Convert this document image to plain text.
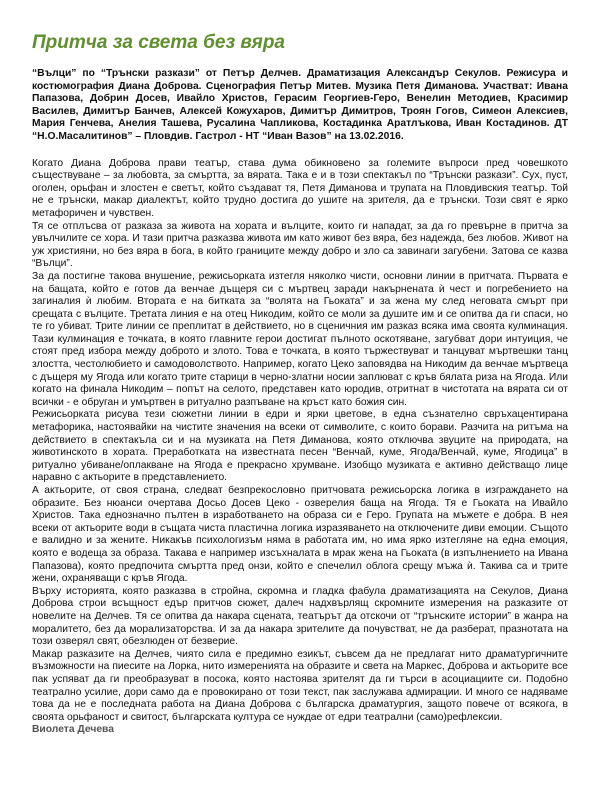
Притча за света без вяра

“Вълци” по “Трънски разкази” от Петър Делчев. Драматизация Александър Секулов. Режисура и костюмография Диана Доброва. Сценография Петър Митев. Музика Петя Диманова. Участват: Ивана Папазова, Добрин Досев, Ивайло Христов, Герасим Георгиев-Геро, Венелин Методиев, Красимир Василев, Димитър Банчев, Алексей Кожухаров, Димитър Димитров, Троян Гогов, Симеон Алексиев, Мария Генчева, Анелия Ташева, Русалина Чапликова, Костадинка Аратлъкова, Иван Костадинов. ДТ “Н.О.Масалитинов” – Пловдив. Гастрол - НТ “Иван Вазов” на 13.02.2016.

Когато Диана Доброва прави театър, става дума обикновено за големите въпроси пред човешкото съществуване – за любовта, за смъртта, за вярата. Така е и в този спектакъл по “Трънски разкази”. Сух, пуст, оголен, орьфан и злостен е светът, който създават тя, Петя Диманова и трупата на Пловдивския театър. Той не е трънски, макар диалектът, който трудно достига до ушите на зрителя, да е трънски. Този свят е ярко метафоричен и чувствен.

Тя се отплъсва от разказа за живота на хората и вълците, които ги нападат, за да го превърне в притча за увълчилите се хора. И тази притча разказва живота им като живот без вяра, без надежда, без любов. Живот на уж християни, но без вяра в бога, в който границите между добро и зло са завинаги загубени. Затова се казва “Вълци”.

За да постигне такова внушение, режисьорката изтегля няколко чисти, основни линии в притчата. Първата е на бащата, който е готов да венчае дъщеря си с мъртвец заради накърнената ѝ чест и погребението на загиналия ѝ любим. Втората е на битката за “волята на Гьоката” и за жена му след неговата смърт при срещата с вълците. Третата линия е на отец Никодим, който се моли за душите им и се опитва да ги спаси, но те го убиват. Трите линии се преплитат в действието, но в сценичния им разказ всяка има своята кулминация. Тази кулминация е точката, в която главните герои достигат пълното оскотяване, загубват дори интуиция, че стоят пред избора между доброто и злото. Това е точката, в която тържествуват и танцуват мъртвешки танц злостта, честолюбието и самодоволството. Например, когато Цеко заповядва на Никодим да венчае мъртвеца с дъщеря му Ягода или когато трите старици в черно-златни носии заплюват с кръв бялата риза на Ягода. Или когато на финала Никодим – попът на селото, представен като юродив, отритнат в чистотата на вярата си от всички - е обруган и умъртвен в ритуално разпъване на кръст като божия син.

Режисьорката рисува тези сюжетни линии в едри и ярки цветове, в една съзнателно свръхацентирана метафорика, настоявайки на чистите значения на всеки от символите, с които борави. Разчита на ритъма на действието в спектакъла си и на музиката на Петя Диманова, която отключва звуците на природата, на животинското в хората. Преработката на известната песен “Венчай, куме, Ягода/Венчай, куме, Ягодица” в ритуално убиване/оплакване на Ягода е прекрасно хрумване. Изобщо музиката е активно действащо лице наравно с актьорите в представлението.

А актьорите, от своя страна, следват безпрекословно притчовата режисьорска логика в изграждането на образите. Без нюанси очертава Досьо Досев Цеко - озверелия баща на Ягода. Тя е Гьоката на Ивайло Христов. Така еднозначно пълтен в изработването на образа си е Геро. Групата на мъжете е добра. В нея всеки от актьорите води в същата чиста пластична логика изразяването на отключените диви емоции. Същото е валидно и за жените. Никакъв психологизъм няма в работата им, но има ярко изтегляне на една емоция, която е водеща за образа. Такава е например изсъхналата в мрак жена на Гьоката (в изпълнението на Ивана Папазова), която предпочита смъртта пред онзи, който е спечелил облога срещу мъжа ѝ. Такива са и трите жени, охраняващи с кръв Ягода.

Върху историята, която разказва в стройна, скромна и гладка фабула драматизацията на Секулов, Диана Доброва строи всъщност едър притчов сюжет, далеч надхвърлящ скромните измерения на разказите от новелите на Делчев. Тя се опитва да накара сцената, театърът да отскочи от “трънските истории” в жанра на моралитето, без да морализаторства. И за да накара зрителите да почувстват, не да разберат, празнотата на този озверял свят, обезлюден от безверие.

Макар разказите на Делчев, чиято сила е предимно езикът, съвсем да не предлагат нито драматургичните възможности на пиесите на Лорка, нито измеренията на образите и света на Маркес, Доброва и актьорите все пак успяват да ги преобразуват в посока, която настоява зрителят да ги търси в асоциациите си. Подобно театрално усилие, дори само да е провокирано от този текст, пак заслужава адмирации. И много се надяваме това да не е последната работа на Диана Доброва с българска драматургия, защото повече от всякога, в своята орьфаност и свитост, българската култура се нуждае от едри театрални (само)рефлексии.

Виолета Дечева
